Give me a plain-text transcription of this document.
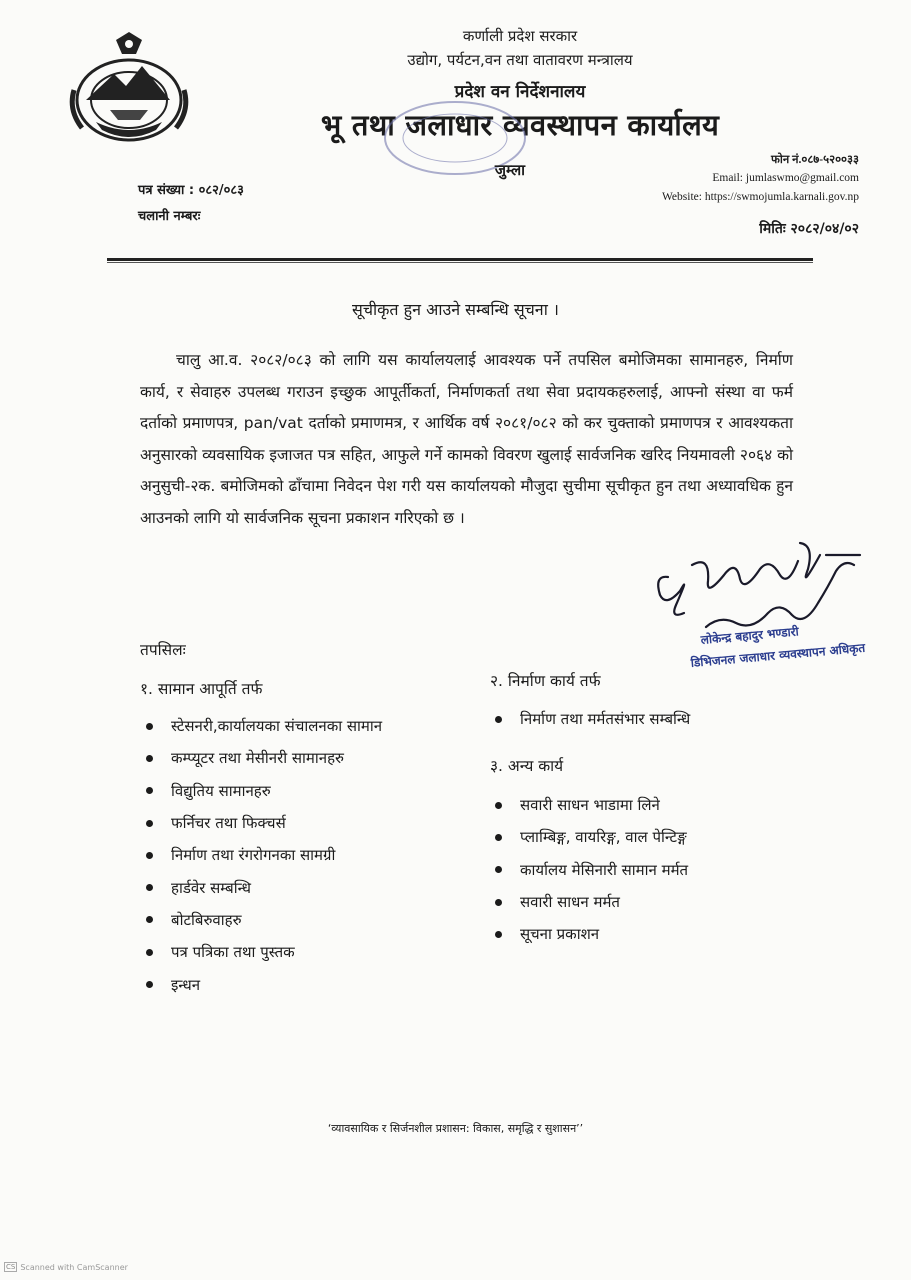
कर्णाली प्रदेश सरकार
उद्योग, पर्यटन,वन तथा वातावरण मन्त्रालय
प्रदेश वन निर्देशनालय
भू तथा जलाधार व्यवस्थापन कार्यालय
जुम्ला
पत्र संख्या : ०८२/०८३
चलानी नम्बरः
फोन नं.०८७-५२००३३
Email: jumlaswmo@gmail.com
Website: https://swmojumla.karnali.gov.np
मितिः २०८२/०४/०२
सूचीकृत हुन आउने सम्बन्धि सूचना ।
चालु आ.व. २०८२/०८३ को लागि यस कार्यालयलाई आवश्यक पर्ने तपसिल बमोजिमका सामानहरु, निर्माण कार्य, र सेवाहरु उपलब्ध गराउन इच्छुक आपूर्तीकर्ता, निर्माणकर्ता तथा सेवा प्रदायकहरुलाई, आफ्नो संस्था वा फर्म दर्ताको प्रमाणपत्र, pan/vat दर्ताको प्रमाणमत्र, र आर्थिक वर्ष २०८१/०८२ को कर चुक्ताको प्रमाणपत्र र आवश्यकता अनुसारको व्यवसायिक इजाजत पत्र सहित, आफुले गर्ने कामको विवरण खुलाई सार्वजनिक खरिद नियमावली २०६४ को अनुसुची-२क. बमोजिमको ढाँचामा निवेदन पेश गरी यस कार्यालयको मौजुदा सुचीमा सूचीकृत हुन तथा अध्यावधिक हुन आउनको लागि यो सार्वजनिक सूचना प्रकाशन गरिएको छ ।
लोकेन्द्र बहादुर भण्डारी
डिभिजनल जलाधार व्यवस्थापन अधिकृत
तपसिलः
१. सामान आपूर्ति तर्फ
स्टेसनरी,कार्यालयका संचालनका सामान
कम्प्यूटर तथा मेसीनरी सामानहरु
विद्युतिय सामानहरु
फर्निचर तथा फिक्चर्स
निर्माण तथा रंगरोगनका सामग्री
हार्डवेर सम्बन्धि
बोटबिरुवाहरु
पत्र पत्रिका तथा पुस्तक
इन्धन
२. निर्माण कार्य तर्फ
निर्माण तथा मर्मतसंभार सम्बन्धि
३. अन्य कार्य
सवारी साधन भाडामा लिने
प्लाम्बिङ्ग, वायरिङ्ग, वाल पेन्टिङ्ग
कार्यालय मेसिनारी सामान मर्मत
सवारी साधन मर्मत
सूचना प्रकाशन
‘व्यावसायिक र सिर्जनशील प्रशासन: विकास, समृद्धि र सुशासन’’
CS Scanned with CamScanner
